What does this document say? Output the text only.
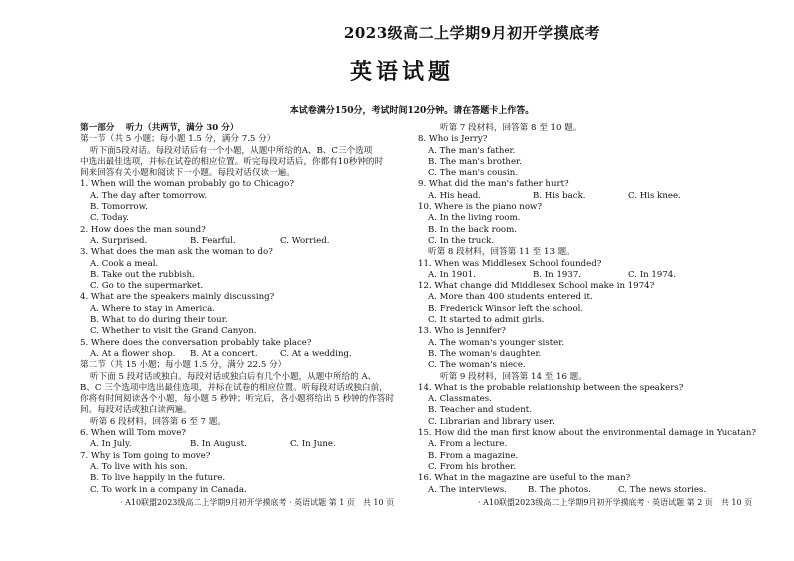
2023级高二上学期9月初开学摸底考
英语试题
本试卷满分150分，考试时间120分钟。请在答题卡上作答。
第一部分　 听力（共两节，满分 30 分）
第一节（共 5 小题；每小题 1.5 分，满分 7.5 分）
听下面5段对话。每段对话后有一个小题，从题中所给的A、B、C三个选项
中选出最佳选项，并标在试卷的相应位置。听完每段对话后，你都有10秒钟的时
间来回答有关小题和阅读下一小题。每段对话仅读一遍。
1. When will the woman probably go to Chicago?
A. The day after tomorrow.
B. Tomorrow.
C. Today.
2. How does the man sound?
A. Surprised.	B. Fearful.	C. Worried.
3. What does the man ask the woman to do?
A. Cook a meal.
B. Take out the rubbish.
C. Go to the supermarket.
4. What are the speakers mainly discussing?
A. Where to stay in America.
B. What to do during their tour.
C. Whether to visit the Grand Canyon.
5. Where does the conversation probably take place?
A. At a flower shop.	B. At a concert.	C. At a wedding.
第二节（共 15 小题；每小题 1.5 分，满分 22.5 分）
听下面 5 段对话或独白。每段对话或独白后有几个小题，从题中所给的 A、
B、C 三个选项中选出最佳选项，并标在试卷的相应位置。听每段对话或独白前，
你将有时间阅读各个小题，每小题 5 秒钟；听完后，各小题将给出 5 秒钟的作答时
间。每段对话或独白读两遍。
听第 6 段材料，回答第 6 至 7 题。
6. When will Tom move?
A. In July.	B. In August.	C. In June.
7. Why is Tom going to move?
A. To live with his son.
B. To live happily in the future.
C. To work in a company in Canada.
听第 7 段材料，回答第 8 至 10 题。
8. Who is Jerry?
A. The man's father.
B. The man's brother.
C. The man's cousin.
9. What did the man's father hurt?
A. His head.	B. His back.	C. His knee.
10. Where is the piano now?
A. In the living room.
B. In the back room.
C. In the truck.
听第 8 段材料，回答第 11 至 13 题。
11. When was Middlesex School founded?
A. In 1901.	B. In 1937.	C. In 1974.
12. What change did Middlesex School make in 1974?
A. More than 400 students entered it.
B. Frederick Winsor left the school.
C. It started to admit girls.
13. Who is Jennifer?
A. The woman's younger sister.
B. The woman's daughter.
C. The woman's niece.
听第 9 段材料，回答第 14 至 16 题。
14. What is the probable relationship between the speakers?
A. Classmates.
B. Teacher and student.
C. Librarian and library user.
15. How did the man first know about the environmental damage in Yucatan?
A. From a lecture.
B. From a magazine.
C. From his brother.
16. What in the magazine are useful to the man?
A. The interviews.	B. The photos.	C. The news stories.
· A10联盟2023级高二上学期9月初开学摸底考 · 英语试题 第 1 页　共 10 页	· A10联盟2023级高二上学期9月初开学摸底考 · 英语试题 第 2 页　共 10 页
